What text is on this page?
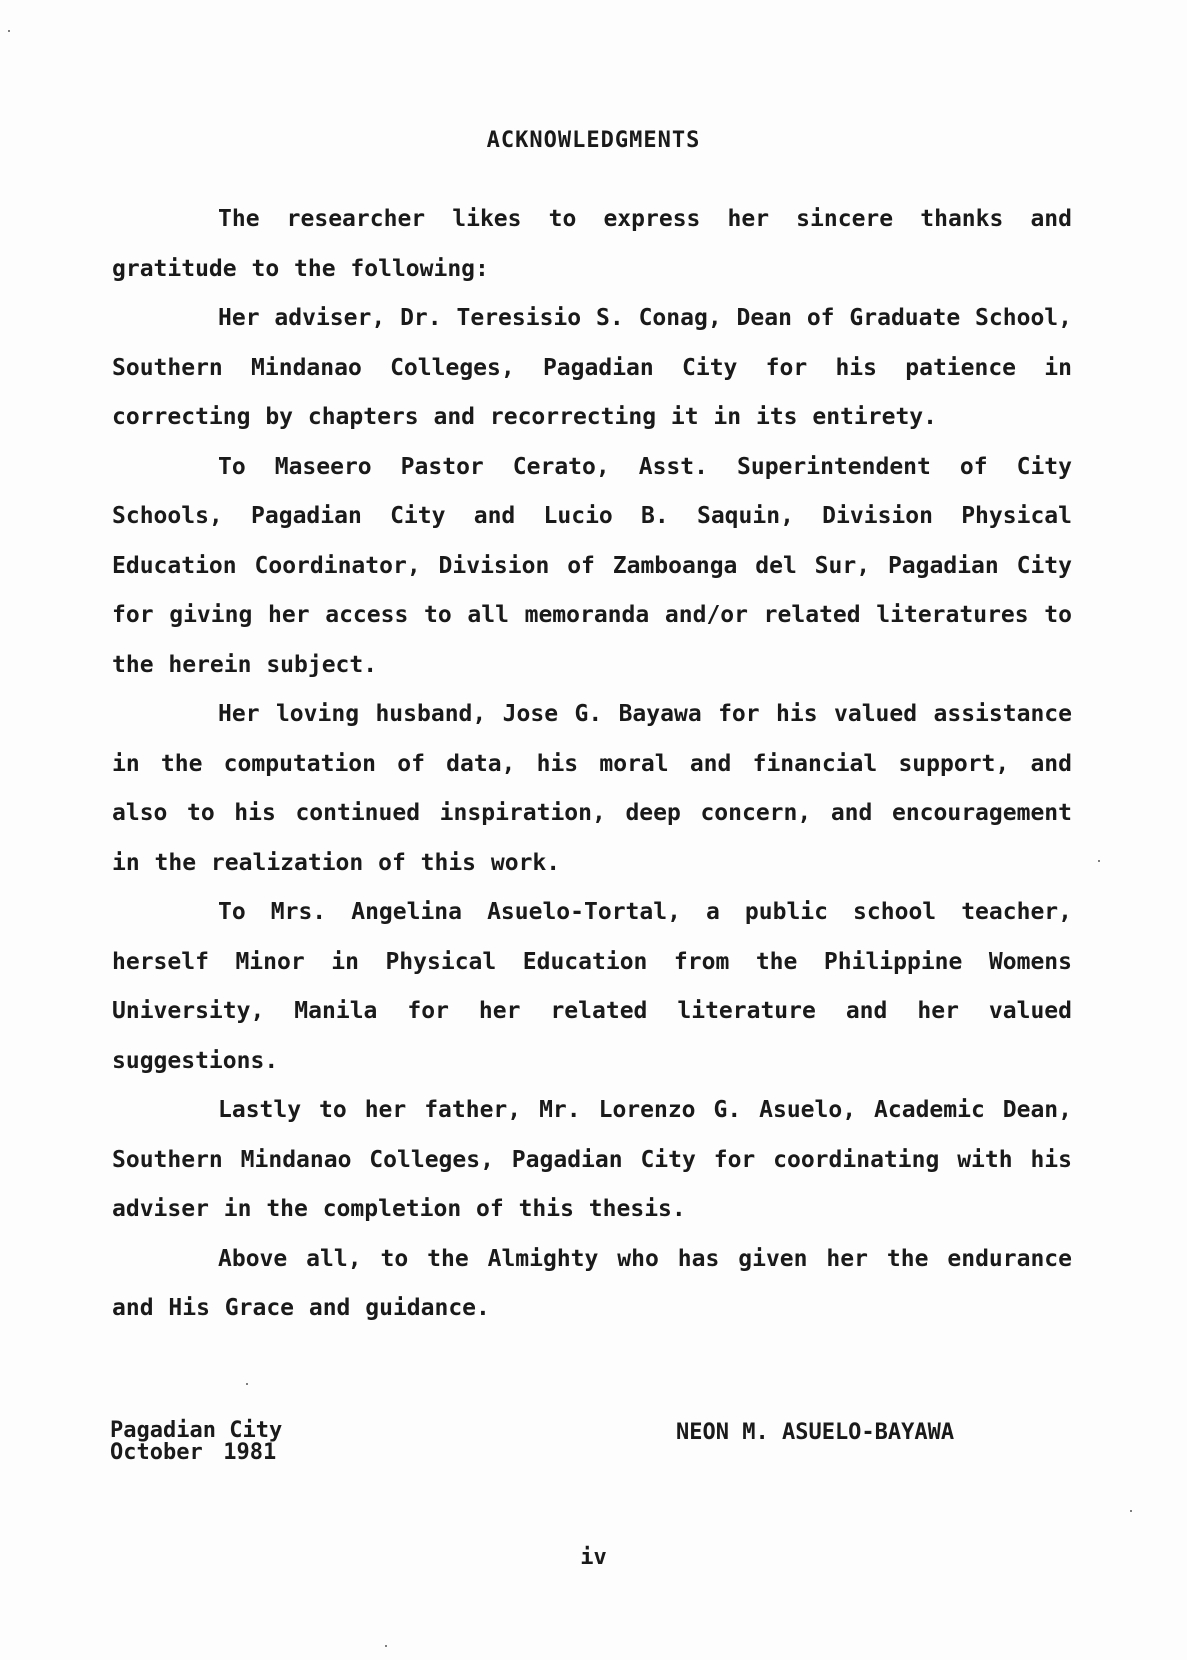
ACKNOWLEDGMENTS

The researcher likes to express her sincere thanks and gratitude to the following:

Her adviser, Dr. Teresisio S. Conag, Dean of Graduate School, Southern Mindanao Colleges, Pagadian City for his patience in correcting by chapters and recorrecting it in its entirety.

To Maseero Pastor Cerato, Asst. Superintendent of City Schools, Pagadian City and Lucio B. Saquin, Division Physical Education Coordinator, Division of Zamboanga del Sur, Pagadian City for giving her access to all memoranda and/or related literatures to the herein subject.

Her loving husband, Jose G. Bayawa for his valued assistance in the computation of data, his moral and financial support, and also to his continued inspiration, deep concern, and encouragement in the realization of this work.

To Mrs. Angelina Asuelo-Tortal, a public school teacher, herself Minor in Physical Education from the Philippine Womens University, Manila for her related literature and her valued suggestions.

Lastly to her father, Mr. Lorenzo G. Asuelo, Academic Dean, Southern Mindanao Colleges, Pagadian City for coordinating with his adviser in the completion of this thesis.

Above all, to the Almighty who has given her the endurance and His Grace and guidance.

Pagadian City
October 1981
NEON M. ASUELO-BAYAWA
iv
